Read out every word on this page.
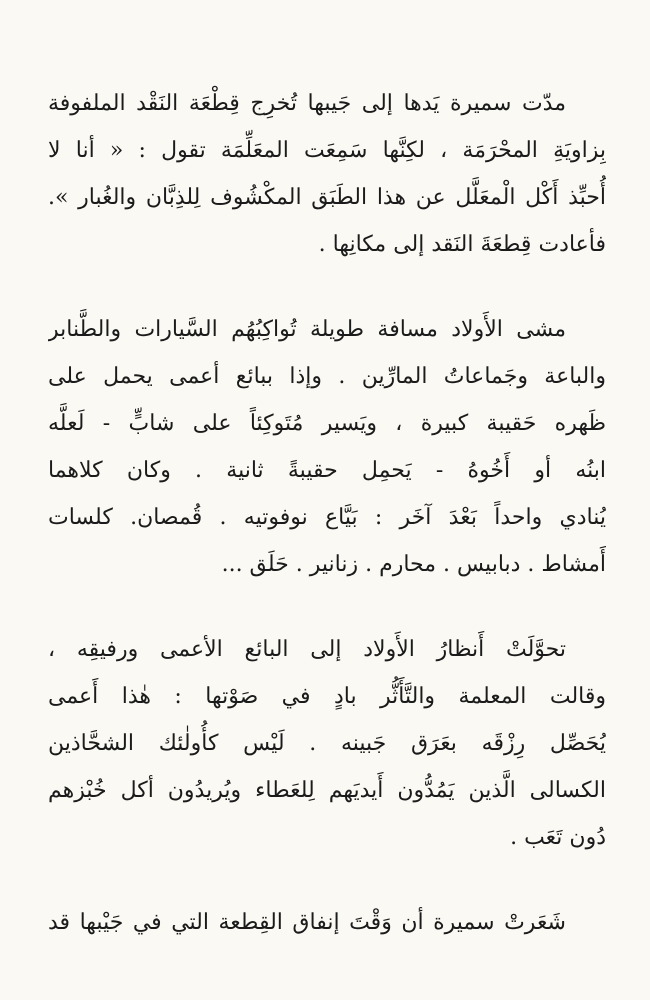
مدّت سميرة يَدها إلى جَيبها تُخرِج قِطْعَة النَقْد الملفوفة
بِزاويَةِ المحْرَمَة ، لكِنَّها سَمِعَت المعَلِّمَة تقول : « أنا لا
أُحبِّذ أَكْل الْمعَلَّل عن هذا الطَبَق المكْشُوف لِلذِبَّان والغُبار ».
فأعادت قِطعَةَ النَقد إلى مكانِها .
مشى الأَولاد مسافة طويلة تُواكِبُهُم السَّيارات والطَّنابر
والباعة وجَماعاتُ المارِّين . وإذا ببائع أعمى يحمل على
ظَهره حَقيبة كبيرة ، ويَسير مُتَوكِئاً على شابٍّ - لَعلَّه
ابنُه أو أَخُوهُ - يَحمِل حقيبةً ثانية . وكان كلاهما
يُنادي واحداً بَعْدَ آخَر : بَيَّاع نوفوتيه . قُمصان. كلسات
أَمشاط . دبابيس . محارم . زنانير . حَلَق ...
تحوَّلَتْ أَنظارُ الأَولاد إلى البائع الأعمى ورفيقِه ،
وقالت المعلمة والتَّأَثُّر بادٍ في صَوْتها : هٰذا أَعمى
يُحَصِّل رِزْقَه بعَرَق جَبينه . لَيْس كأُولٰئك الشحَّاذين
الكسالى الَّذين يَمُدُّون أَيديَهم لِلعَطاء ويُريدُون أكل خُبْزهم
دُون تَعَب .
شَعَرتْ سميرة أن وَقْتَ إنفاق القِطعة التي في جَيْبها قد
